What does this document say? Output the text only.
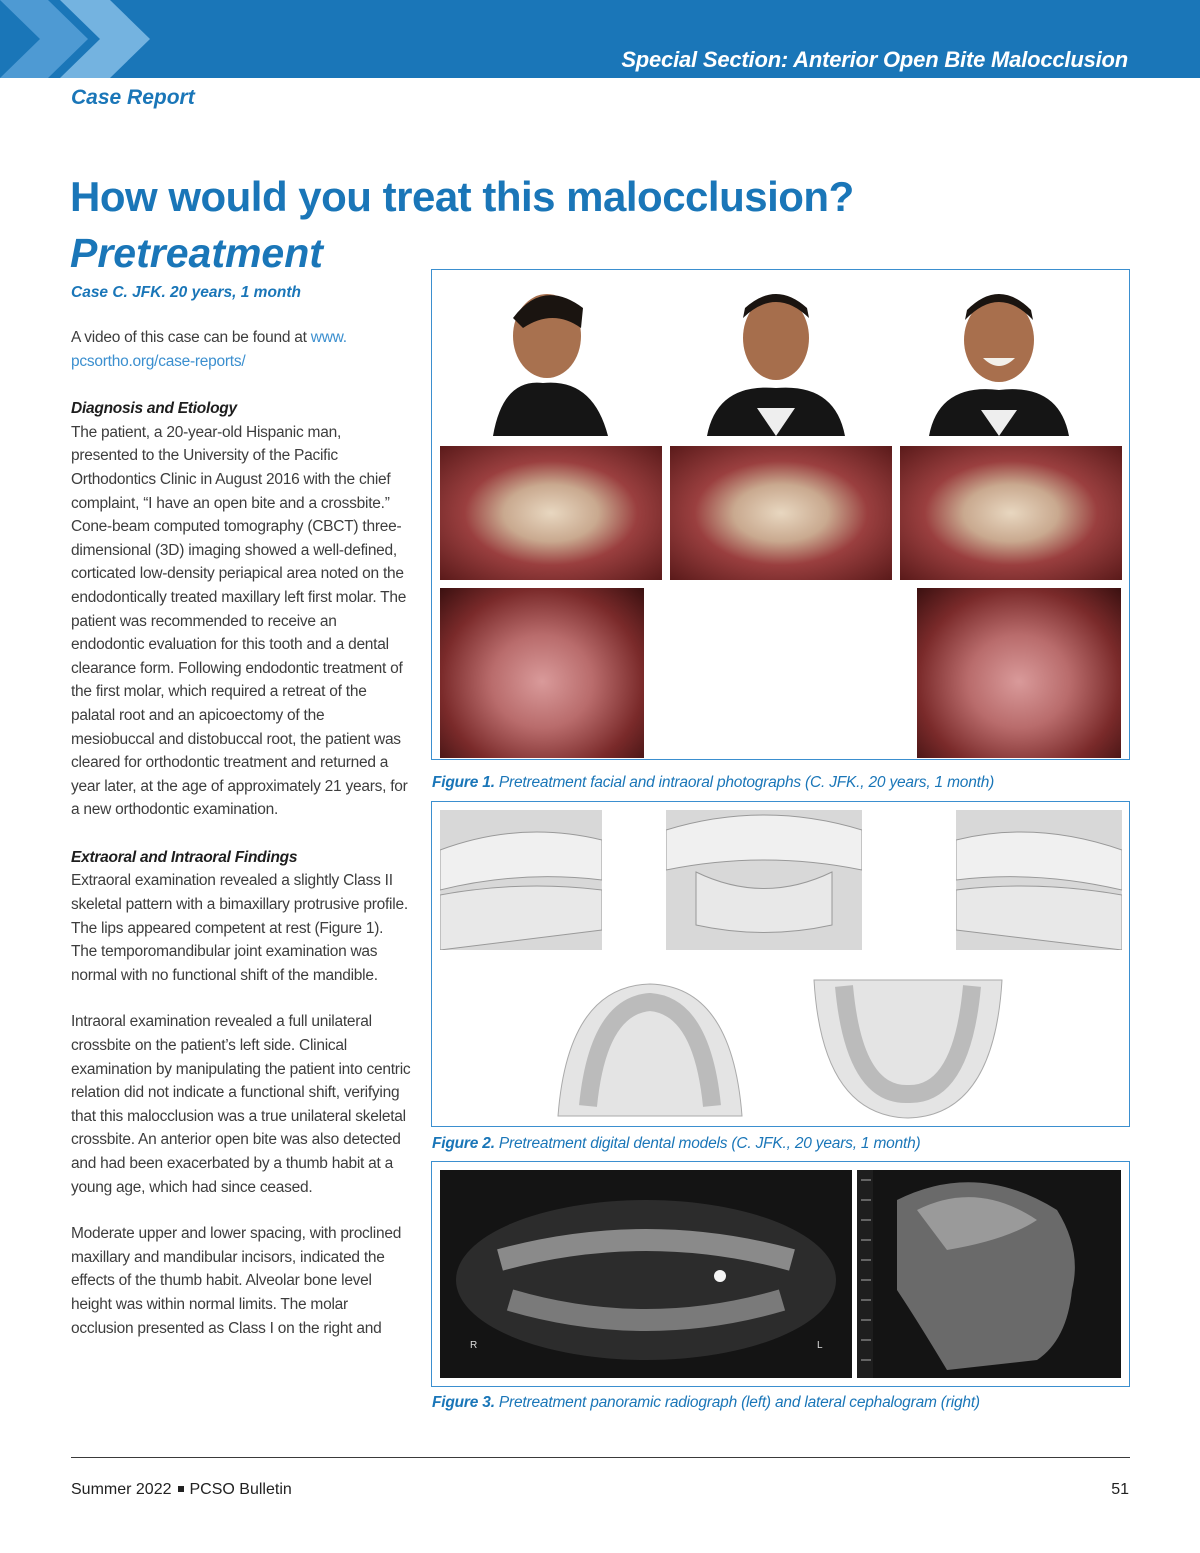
Special Section: Anterior Open Bite Malocclusion
Case Report
How would you treat this malocclusion?
Pretreatment
Case C. JFK. 20 years, 1 month

A video of this case can be found at www.
pcsortho.org/case-reports/

Diagnosis and Etiology

The patient, a 20-year-old Hispanic man, presented to the University of the Pacific Orthodontics Clinic in August 2016 with the chief complaint, “I have an open bite and a crossbite.” Cone-beam computed tomography (CBCT) three-dimensional (3D) imaging showed a well-defined, corticated low-density periapical area noted on the endodontically treated maxillary left first molar. The patient was recommended to receive an endodontic evaluation for this tooth and a dental clearance form. Following endodontic treatment of the first molar, which required a retreat of the palatal root and an apicoectomy of the mesiobuccal and distobuccal root, the patient was cleared for orthodontic treatment and returned a year later, at the age of approximately 21 years, for a new orthodontic examination.

Extraoral and Intraoral Findings

Extraoral examination revealed a slightly Class II skeletal pattern with a bimaxillary protrusive profile. The lips appeared competent at rest (Figure 1). The temporomandibular joint examination was normal with no functional shift of the mandible.

Intraoral examination revealed a full unilateral crossbite on the patient’s left side. Clinical examination by manipulating the patient into centric relation did not indicate a functional shift, verifying that this malocclusion was a true unilateral skeletal crossbite. An anterior open bite was also detected and had been exacerbated by a thumb habit at a young age, which had since ceased.

Moderate upper and lower spacing, with proclined maxillary and mandibular incisors, indicated the effects of the thumb habit. Alveolar bone level height was within normal limits. The molar occlusion presented as Class I on the right and

Figure 1. Pretreatment facial and intraoral photographs (C. JFK., 20 years, 1 month)
Figure 2. Pretreatment digital dental models (C. JFK., 20 years, 1 month)
R	L
Figure 3. Pretreatment panoramic radiograph (left) and lateral cephalogram (right)
Summer 2022 PCSO Bulletin	51
